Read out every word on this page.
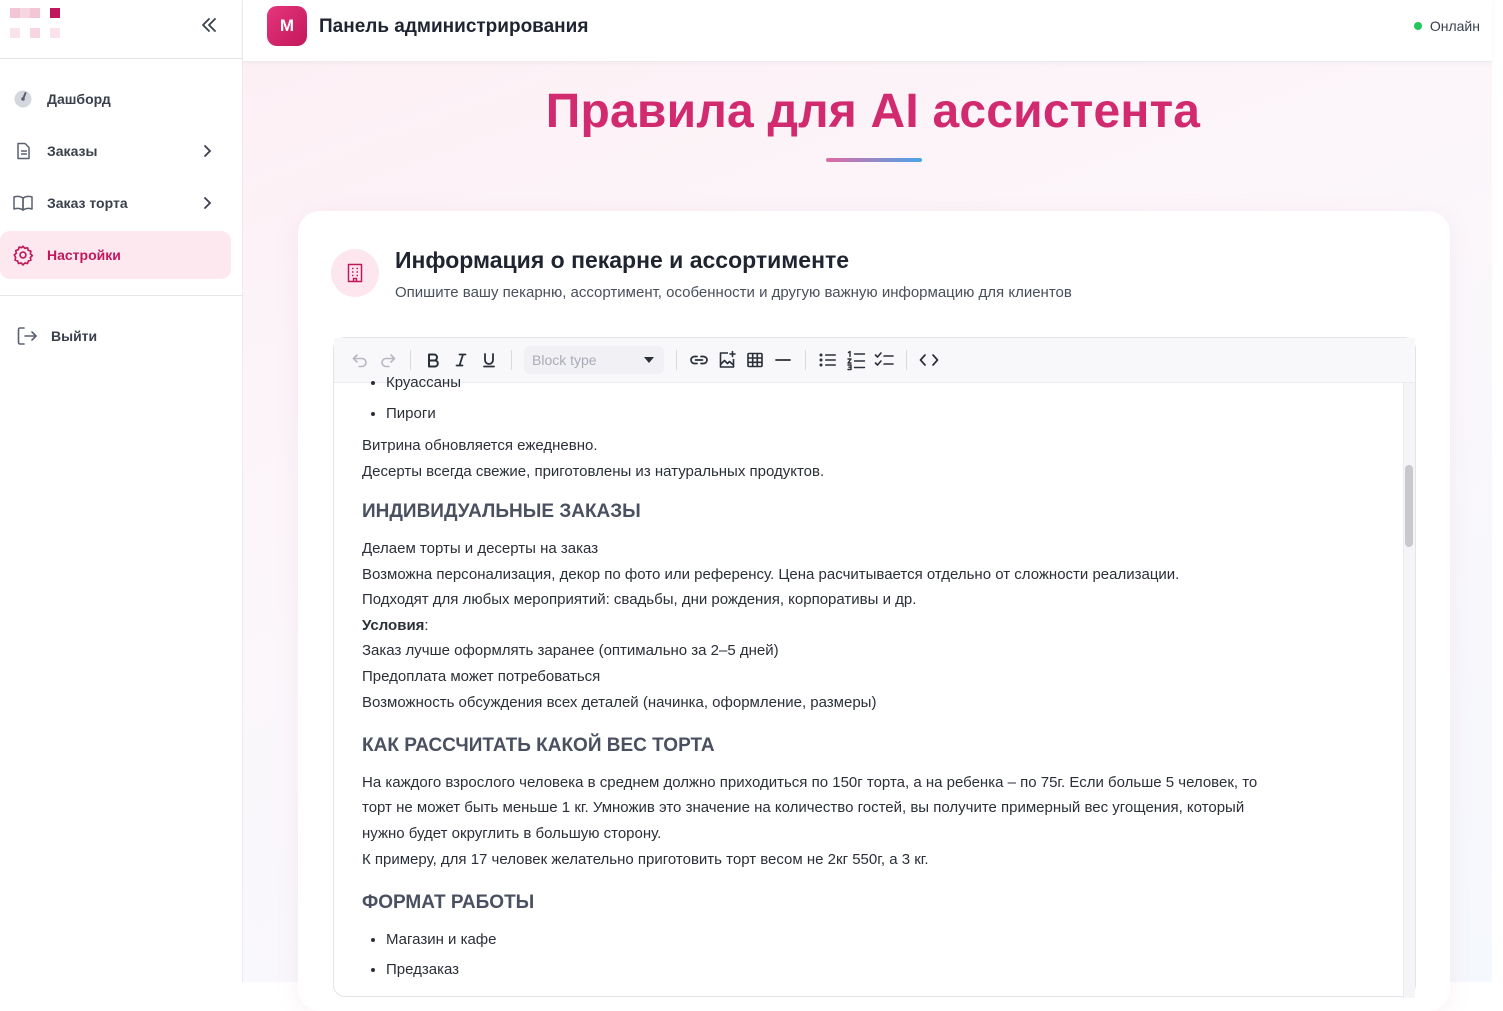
Дашборд
Заказы
Заказ торта
Настройки
Выйти
M	Панель администрирования	Онлайн
Правила для AI ассистента
Информация о пекарне и ассортименте

Опишите вашу пекарню, ассортимент, особенности и другую важную информацию для клиентов

Block type
• Круассаны
• Пироги

Витрина обновляется ежедневно.

Десерты всегда свежие, приготовлены из натуральных продуктов.

ИНДИВИДУАЛЬНЫЕ ЗАКАЗЫ

Делаем торты и десерты на заказ

Возможна персонализация, декор по фото или референсу. Цена расчитывается отдельно от сложности реализации.

Подходят для любых мероприятий: свадьбы, дни рождения, корпоративы и др.

Условия:

Заказ лучше оформлять заранее (оптимально за 2–5 дней)

Предоплата может потребоваться

Возможность обсуждения всех деталей (начинка, оформление, размеры)

КАК РАССЧИТАТЬ КАКОЙ ВЕС ТОРТА

На каждого взрослого человека в среднем должно приходиться по 150г торта, а на ребенка – по 75г. Если больше 5 человек, то

торт не может быть меньше 1 кг. Умножив это значение на количество гостей, вы получите примерный вес угощения, который

нужно будет округлить в большую сторону.

К примеру, для 17 человек желательно приготовить торт весом не 2кг 550г, а 3 кг.

ФОРМАТ РАБОТЫ
• Магазин и кафе
• Предзаказ
